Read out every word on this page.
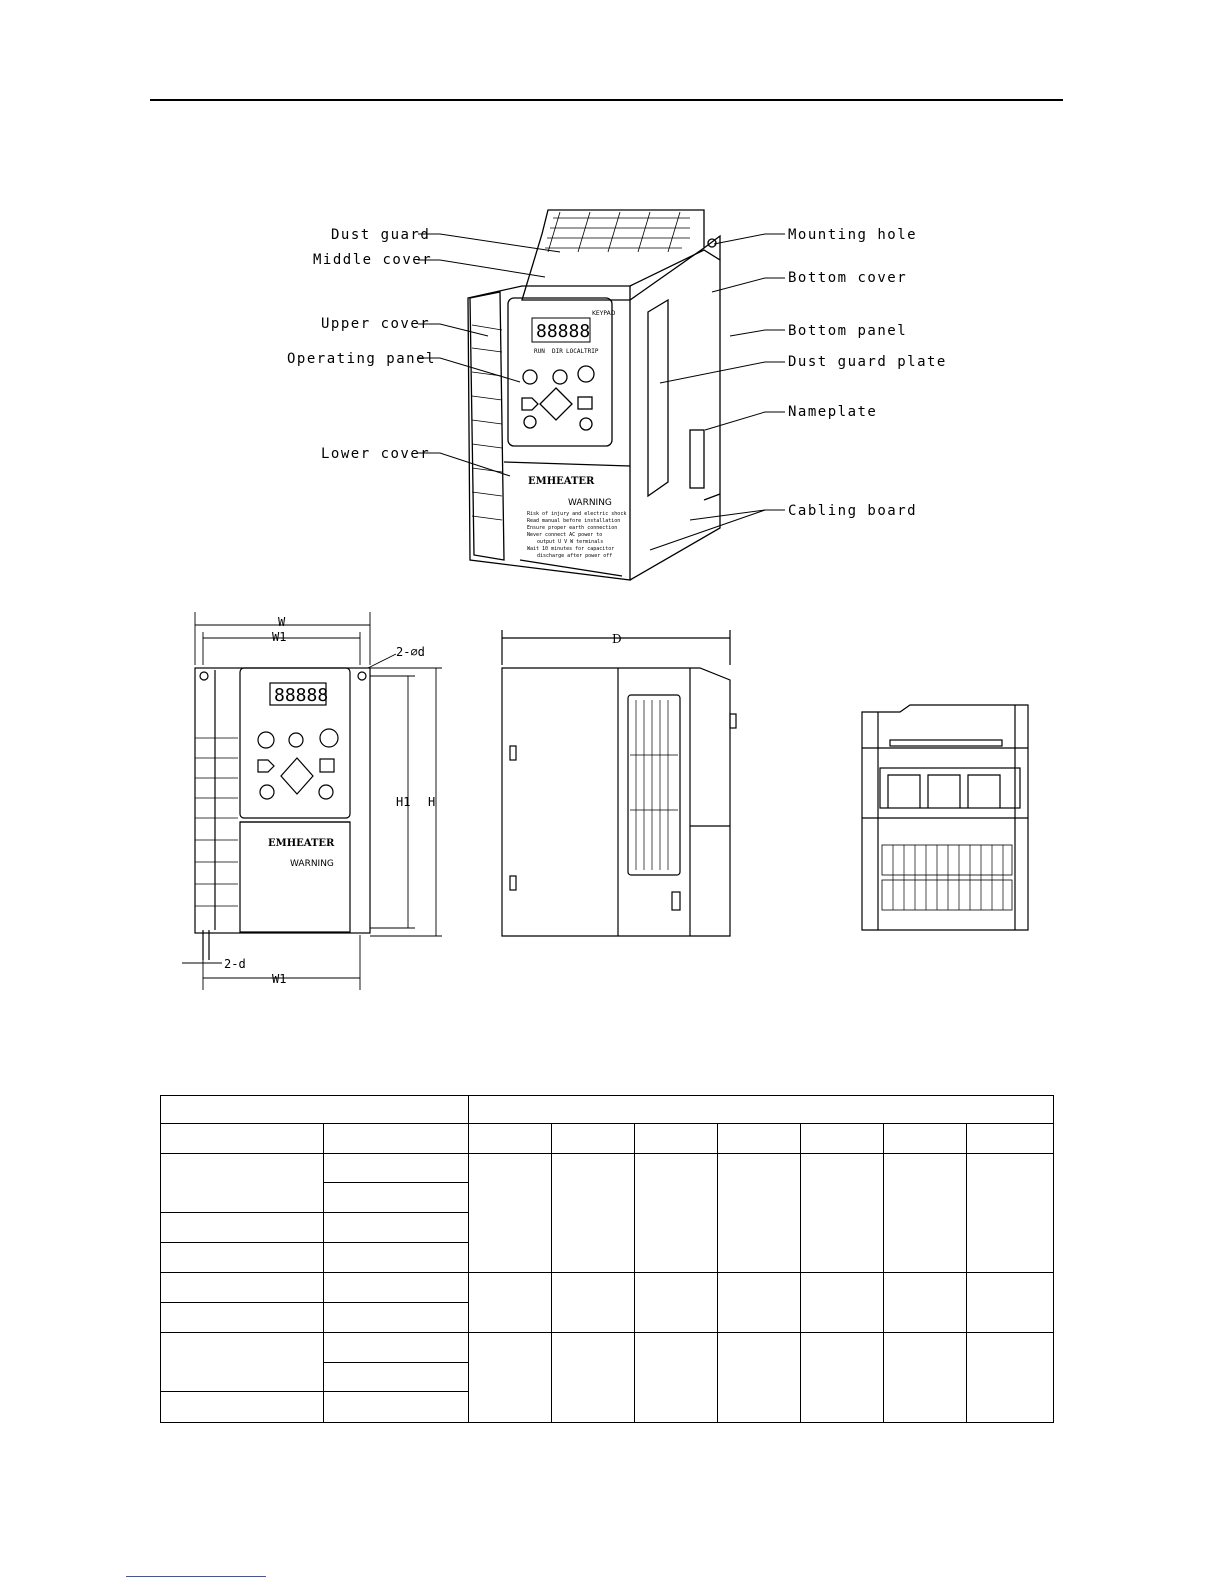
EMHEATER
WARNING
KEYPAD
88888
RUN DIR LOCAL TRIP
Risk of injury and electric shock
Read manual before installation
Ensure proper earth connection
Never connect AC power to
output U V W terminals
Wait 10 minutes for capacitor
discharge after power off
Dust guard
Middle cover
Upper cover
Operating panel
Lower cover
Mounting hole
Bottom cover
Bottom panel
Dust guard plate
Nameplate
Cabling board
EMHEATER
WARNING
88888
W
W1
2-∅d
H1 H
2-d
W1
D
